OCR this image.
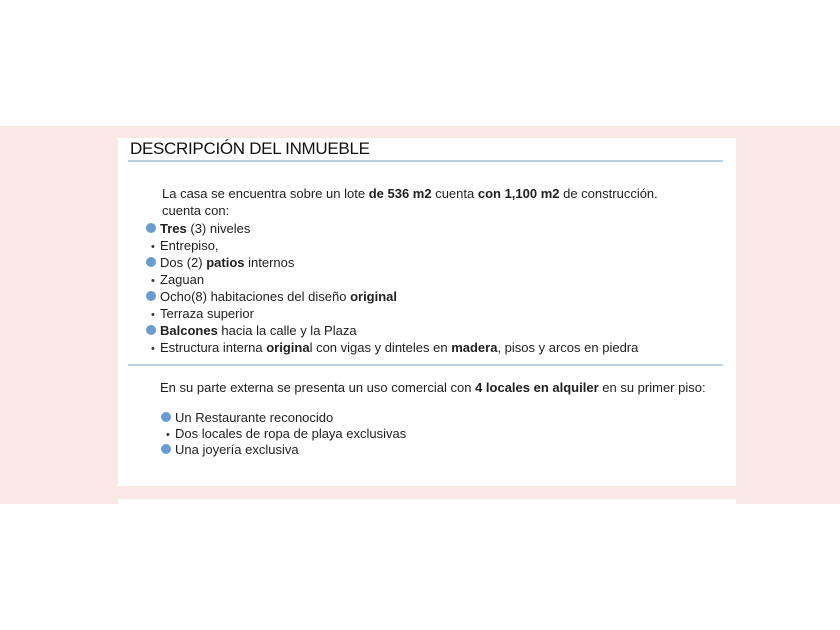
DESCRIPCIÓN DEL INMUEBLE
La casa se encuentra sobre un lote de 536 m2 cuenta con 1,100 m2 de construcción.
cuenta con:
Tres (3) niveles
• Entrepiso,
Dos (2) patios internos
• Zaguan
Ocho(8) habitaciones del diseño original
• Terraza superior
Balcones hacia la calle y la Plaza
• Estructura interna original con vigas y dinteles en madera, pisos y arcos en piedra
En su parte externa se presenta un uso comercial con 4 locales en alquiler en su primer piso:
Un Restaurante reconocido
• Dos locales de ropa de playa exclusivas
Una joyería exclusiva
